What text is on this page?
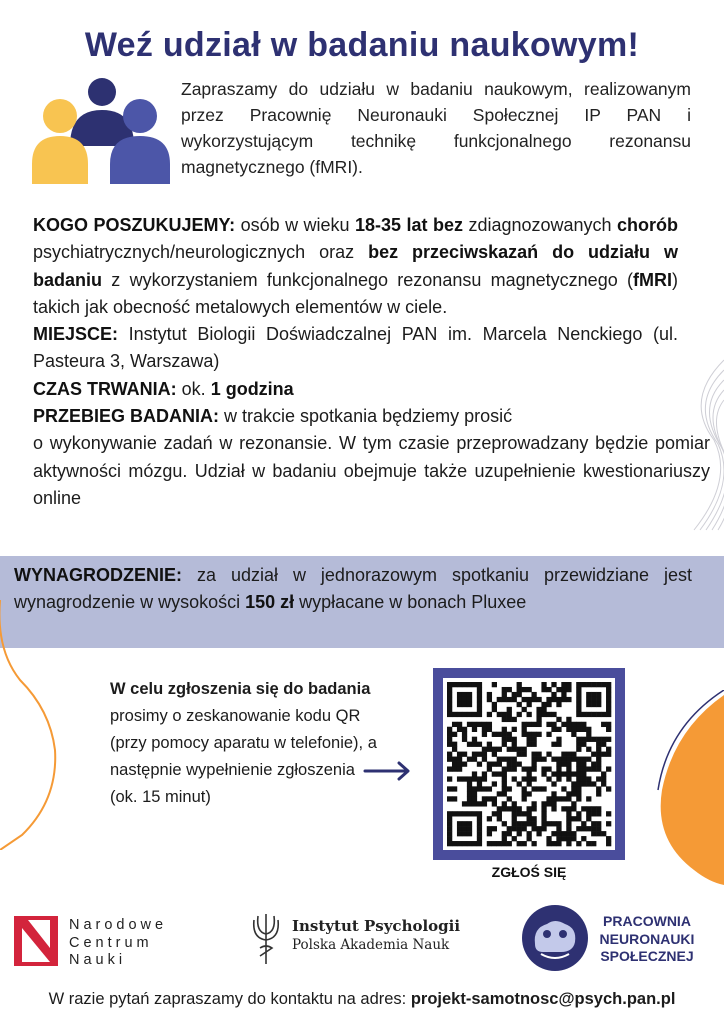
Weź udział w badaniu naukowym!
Zapraszamy do udziału w badaniu naukowym, realizowanym przez Pracownię Neuronauki Społecznej IP PAN i wykorzystującym technikę funkcjonalnego rezonansu magnetycznego (fMRI).

KOGO POSZUKUJEMY: osób w wieku 18-35 lat bez zdiagnozowanych chorób psychiatrycznych/neurologicznych oraz bez przeciwskazań do udziału w badaniu z wykorzystaniem funkcjonalnego rezonansu magnetycznego (fMRI) takich jak obecność metalowych elementów w ciele.

MIEJSCE: Instytut Biologii Doświadczalnej PAN im. Marcela Nenckiego (ul. Pasteura 3, Warszawa)

CZAS TRWANIA: ok. 1 godzina

PRZEBIEG BADANIA: w trakcie spotkania będziemy prosić

o wykonywanie zadań w rezonansie. W tym czasie przeprowadzany będzie pomiar aktywności mózgu. Udział w badaniu obejmuje także uzupełnienie kwestionariuszy online

WYNAGRODZENIE: za udział w jednorazowym spotkaniu przewidziane jest wynagrodzenie w wysokości 150 zł wypłacane w bonach Pluxee
W celu zgłoszenia się do badania prosimy o zeskanowanie kodu QR (przy pomocy aparatu w telefonie), a następnie wypełnienie zgłoszenia (ok. 15 minut)
ZGŁOŚ SIĘ
Narodowe
Centrum
Nauki
Instytut Psychologii
Polska Akademia Nauk
PRACOWNIA
NEURONAUKI
SPOŁECZNEJ
W razie pytań zapraszamy do kontaktu na adres: projekt-samotnosc@psych.pan.pl
